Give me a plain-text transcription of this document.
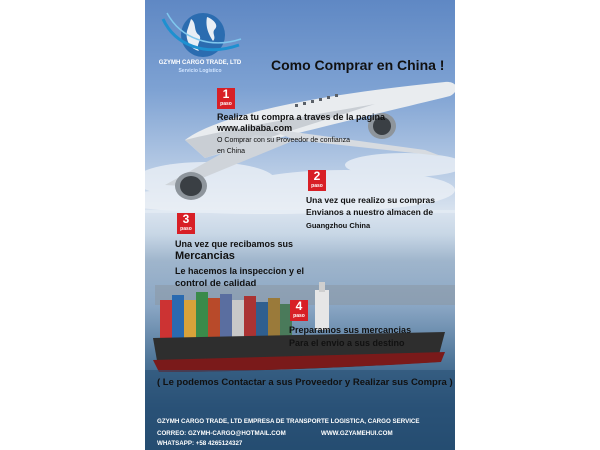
GZYMH CARGO TRADE, LTD
Servicio Logistico	Como Comprar en China !
1
paso
Realiza tu compra a traves de la pagina
www.alibaba.com
O Comprar con su Proveedor de confianza
en China
2
paso
Una vez que realizo su compras
Envianos a nuestro almacen de
Guangzhou China
3
paso
Una vez que recibamos sus
Mercancias
Le hacemos la inspeccion y el
control de calidad
4
paso
Preparamos sus mercancias
Para el envio a sus destino
( Le podemos Contactar a sus Proveedor y Realizar sus Compra )
GZYMH CARGO TRADE, LTD EMPRESA DE TRANSPORTE LOGISTICA, CARGO SERVICE
CORREO: GZYMH-CARGO@HOTMAIL.COM	WWW.GZYAMEHUI.COM
WHATSAPP: +58 4265124327
